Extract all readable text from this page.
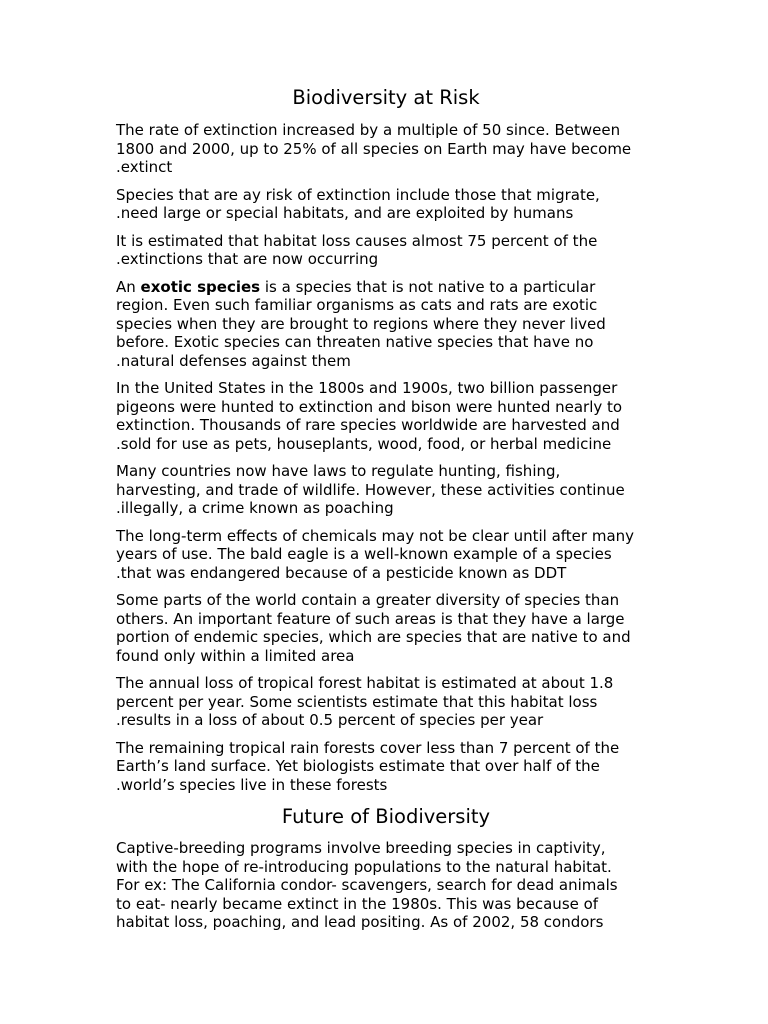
Biodiversity at Risk

The rate of extinction increased by a multiple of 50 since. Between
1800 and 2000, up to 25% of all species on Earth may have become
.extinct

Species that are ay risk of extinction include those that migrate,
.need large or special habitats, and are exploited by humans

It is estimated that habitat loss causes almost 75 percent of the
.extinctions that are now occurring

An exotic species is a species that is not native to a particular
region. Even such familiar organisms as cats and rats are exotic
species when they are brought to regions where they never lived
before. Exotic species can threaten native species that have no
.natural defenses against them

In the United States in the 1800s and 1900s, two billion passenger
pigeons were hunted to extinction and bison were hunted nearly to
extinction. Thousands of rare species worldwide are harvested and
.sold for use as pets, houseplants, wood, food, or herbal medicine

Many countries now have laws to regulate hunting, fishing,
harvesting, and trade of wildlife. However, these activities continue
.illegally, a crime known as poaching

The long-term effects of chemicals may not be clear until after many
years of use. The bald eagle is a well-known example of a species
.that was endangered because of a pesticide known as DDT

Some parts of the world contain a greater diversity of species than
others. An important feature of such areas is that they have a large
portion of endemic species, which are species that are native to and
found only within a limited area

The annual loss of tropical forest habitat is estimated at about 1.8
percent per year. Some scientists estimate that this habitat loss
.results in a loss of about 0.5 percent of species per year

The remaining tropical rain forests cover less than 7 percent of the
Earth’s land surface. Yet biologists estimate that over half of the
.world’s species live in these forests

Future of Biodiversity

Captive-breeding programs involve breeding species in captivity,
with the hope of re-introducing populations to the natural habitat.
For ex: The California condor- scavengers, search for dead animals
to eat- nearly became extinct in the 1980s. This was because of
habitat loss, poaching, and lead positing. As of 2002, 58 condors
